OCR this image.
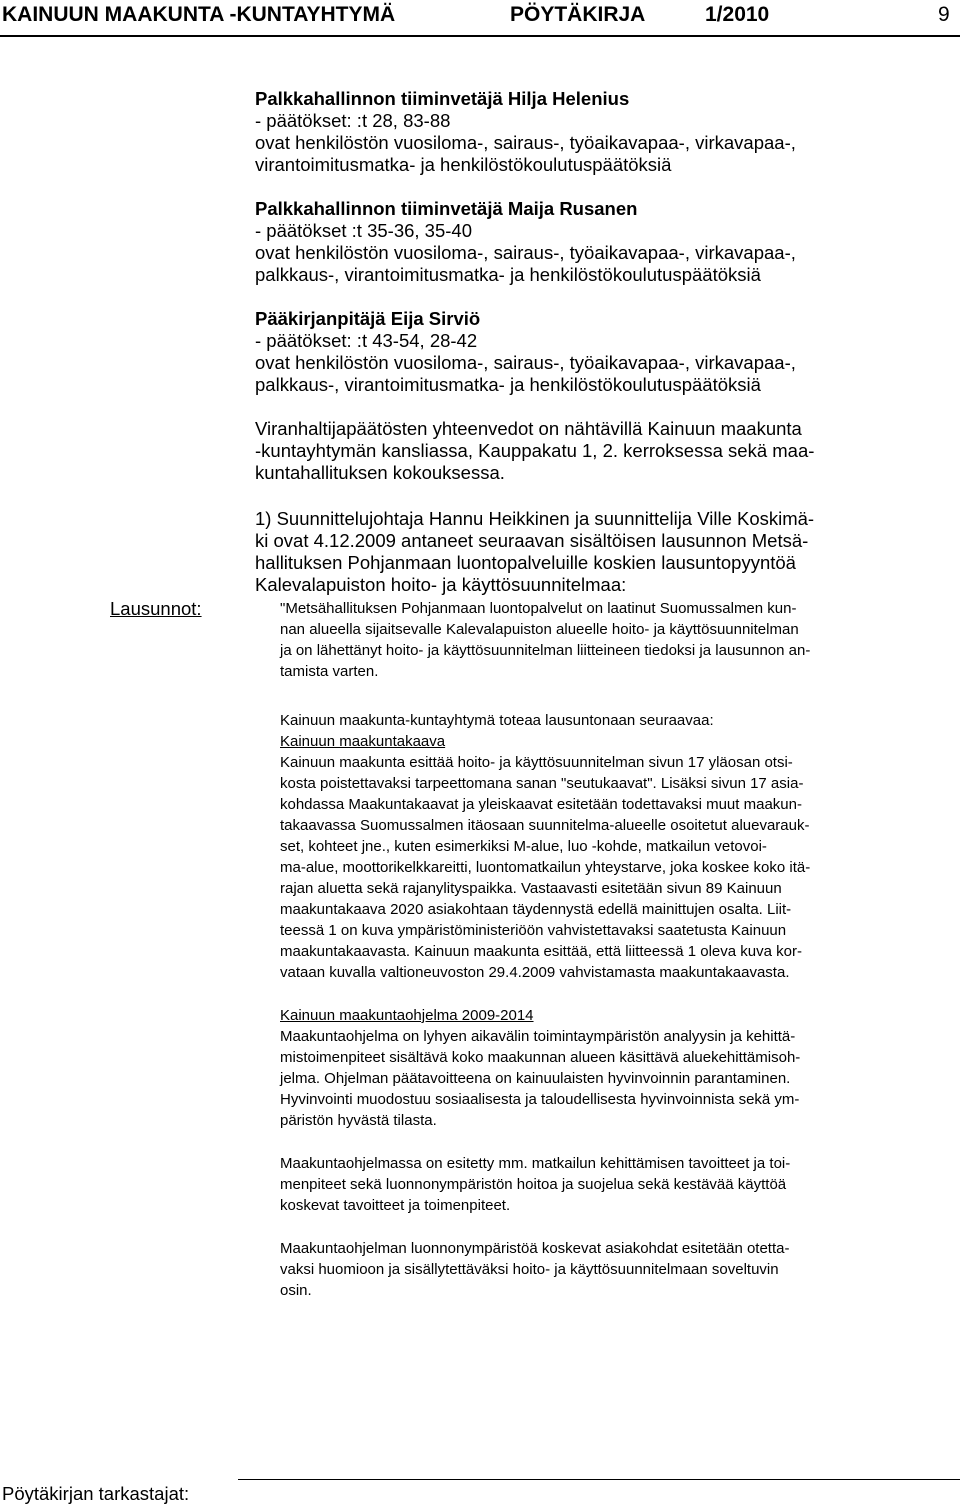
KAINUUN MAAKUNTA -KUNTAYHTYMÄ	PÖYTÄKIRJA	1/2010	9

Palkkahallinnon tiiminvetäjä Hilja Helenius

- päätökset: :t 28, 83-88

ovat henkilöstön vuosiloma-, sairaus-, työaikavapaa-, virkavapaa-,

virantoimitusmatka- ja henkilöstökoulutuspäätöksiä

Palkkahallinnon tiiminvetäjä Maija Rusanen

- päätökset :t 35-36, 35-40

ovat henkilöstön vuosiloma-, sairaus-, työaikavapaa-, virkavapaa-,

palkkaus-, virantoimitusmatka- ja henkilöstökoulutuspäätöksiä

Pääkirjanpitäjä Eija Sirviö

- päätökset: :t 43-54, 28-42

ovat henkilöstön vuosiloma-, sairaus-, työaikavapaa-, virkavapaa-,

palkkaus-, virantoimitusmatka- ja henkilöstökoulutuspäätöksiä

Viranhaltijapäätösten yhteenvedot on nähtävillä Kainuun maakunta

-kuntayhtymän kansliassa, Kauppakatu 1, 2. kerroksessa sekä maa-

kuntahallituksen kokouksessa.

1) Suunnittelujohtaja Hannu Heikkinen ja suunnittelija Ville Koskimä-

ki ovat 4.12.2009 antaneet seuraavan sisältöisen lausunnon Metsä-

hallituksen Pohjanmaan luontopalveluille koskien lausuntopyyntöä

Kalevalapuiston hoito- ja käyttösuunnitelmaa:

"Metsähallituksen Pohjanmaan luontopalvelut on laatinut Suomussalmen kun-

nan alueella sijaitsevalle Kalevalapuiston alueelle hoito- ja käyttösuunnitelman

ja on lähettänyt hoito- ja käyttösuunnitelman liitteineen tiedoksi ja lausunnon an-

tamista varten.

Kainuun maakunta-kuntayhtymä toteaa lausuntonaan seuraavaa:

Kainuun maakuntakaava

Kainuun maakunta esittää hoito- ja käyttösuunnitelman sivun 17 yläosan otsi-

kosta poistettavaksi tarpeettomana sanan "seutukaavat". Lisäksi sivun 17 asia-

kohdassa Maakuntakaavat ja yleiskaavat esitetään todettavaksi muut maakun-

takaavassa Suomussalmen itäosaan suunnitelma-alueelle osoitetut aluevarauk-

set, kohteet jne., kuten esimerkiksi M-alue, luo -kohde, matkailun vetovoi-

ma-alue, moottorikelkkareitti, luontomatkailun yhteystarve, joka koskee koko itä-

rajan aluetta sekä rajanylityspaikka. Vastaavasti esitetään sivun 89 Kainuun

maakuntakaava 2020 asiakohtaan täydennystä edellä mainittujen osalta. Liit-

teessä 1 on kuva ympäristöministeriöön vahvistettavaksi saatetusta Kainuun

maakuntakaavasta. Kainuun maakunta esittää, että liitteessä 1 oleva kuva kor-

vataan kuvalla valtioneuvoston 29.4.2009 vahvistamasta maakuntakaavasta.

Kainuun maakuntaohjelma 2009-2014

Maakuntaohjelma on lyhyen aikavälin toimintaympäristön analyysin ja kehittä-

mistoimenpiteet sisältävä koko maakunnan alueen käsittävä aluekehittämisoh-

jelma. Ohjelman päätavoitteena on kainuulaisten hyvinvoinnin parantaminen.

Hyvinvointi muodostuu sosiaalisesta ja taloudellisesta hyvinvoinnista sekä ym-

päristön hyvästä tilasta.

Maakuntaohjelmassa on esitetty mm. matkailun kehittämisen tavoitteet ja toi-

menpiteet sekä luonnonympäristön hoitoa ja suojelua sekä kestävää käyttöä

koskevat tavoitteet ja toimenpiteet.

Maakuntaohjelman luonnonympäristöä koskevat asiakohdat esitetään otetta-

vaksi huomioon ja sisällytettäväksi hoito- ja käyttösuunnitelmaan soveltuvin

osin.

Lausunnot:
Pöytäkirjan tarkastajat:
